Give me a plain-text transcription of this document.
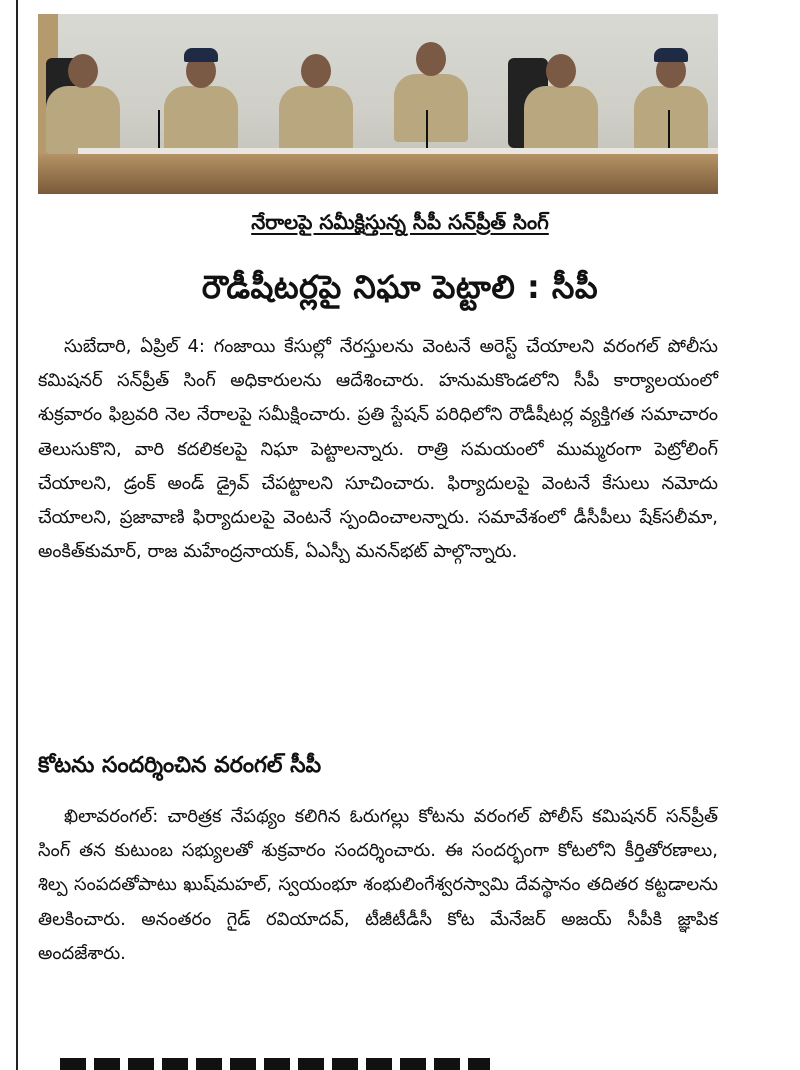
నేరాలపై సమీక్షిస్తున్న సీపీ సన్‌ప్రీత్ సింగ్
రౌడీషీటర్లపై నిఘా పెట్టాలి : సీపీ

సుబేదారి, ఏప్రిల్ 4: గంజాయి కేసుల్లో నేరస్తులను వెంటనే అరెస్ట్ చేయాలని వరంగల్ పోలీసు కమిషనర్ సన్‌ప్రీత్ సింగ్ అధికారులను ఆదేశించారు. హనుమకొండలోని సీపీ కార్యాలయంలో శుక్రవారం ఫిబ్రవరి నెల నేరాలపై సమీక్షించారు. ప్రతి స్టేషన్ పరిధిలోని రౌడీషీటర్ల వ్యక్తిగత సమాచారం తెలుసుకొని, వారి కదలికలపై నిఘా పెట్టాలన్నారు. రాత్రి సమయంలో ముమ్మరంగా పెట్రోలింగ్ చేయాలని, డ్రంక్ అండ్ డ్రైవ్ చేపట్టాలని సూచించారు. ఫిర్యాదులపై వెంటనే కేసులు నమోదు చేయాలని, ప్రజావాణి ఫిర్యాదులపై వెంటనే స్పందించాలన్నారు. సమావేశంలో డీసీపీలు షేక్‌సలీమా, అంకిత్‌కుమార్, రాజ మహేంద్రనాయక్, ఏఎస్పీ మనన్‌భట్ పాల్గొన్నారు.

కోటను సందర్శించిన వరంగల్ సీపీ

ఖిలావరంగల్: చారిత్రక నేపథ్యం కలిగిన ఓరుగల్లు కోటను వరంగల్ పోలీస్ కమిషనర్ సన్‌ప్రీత్ సింగ్ తన కుటుంబ సభ్యులతో శుక్రవారం సందర్శించారు. ఈ సందర్భంగా కోటలోని కీర్తితోరణాలు, శిల్ప సంపదతోపాటు ఖుష్‌మహల్, స్వయంభూ శంభులింగేశ్వరస్వామి దేవస్థానం తదితర కట్టడాలను తిలకించారు. అనంతరం గైడ్ రవియాదవ్, టీజీటీడీసీ కోట మేనేజర్ అజయ్ సీపీకి జ్ఞాపిక అందజేశారు.
